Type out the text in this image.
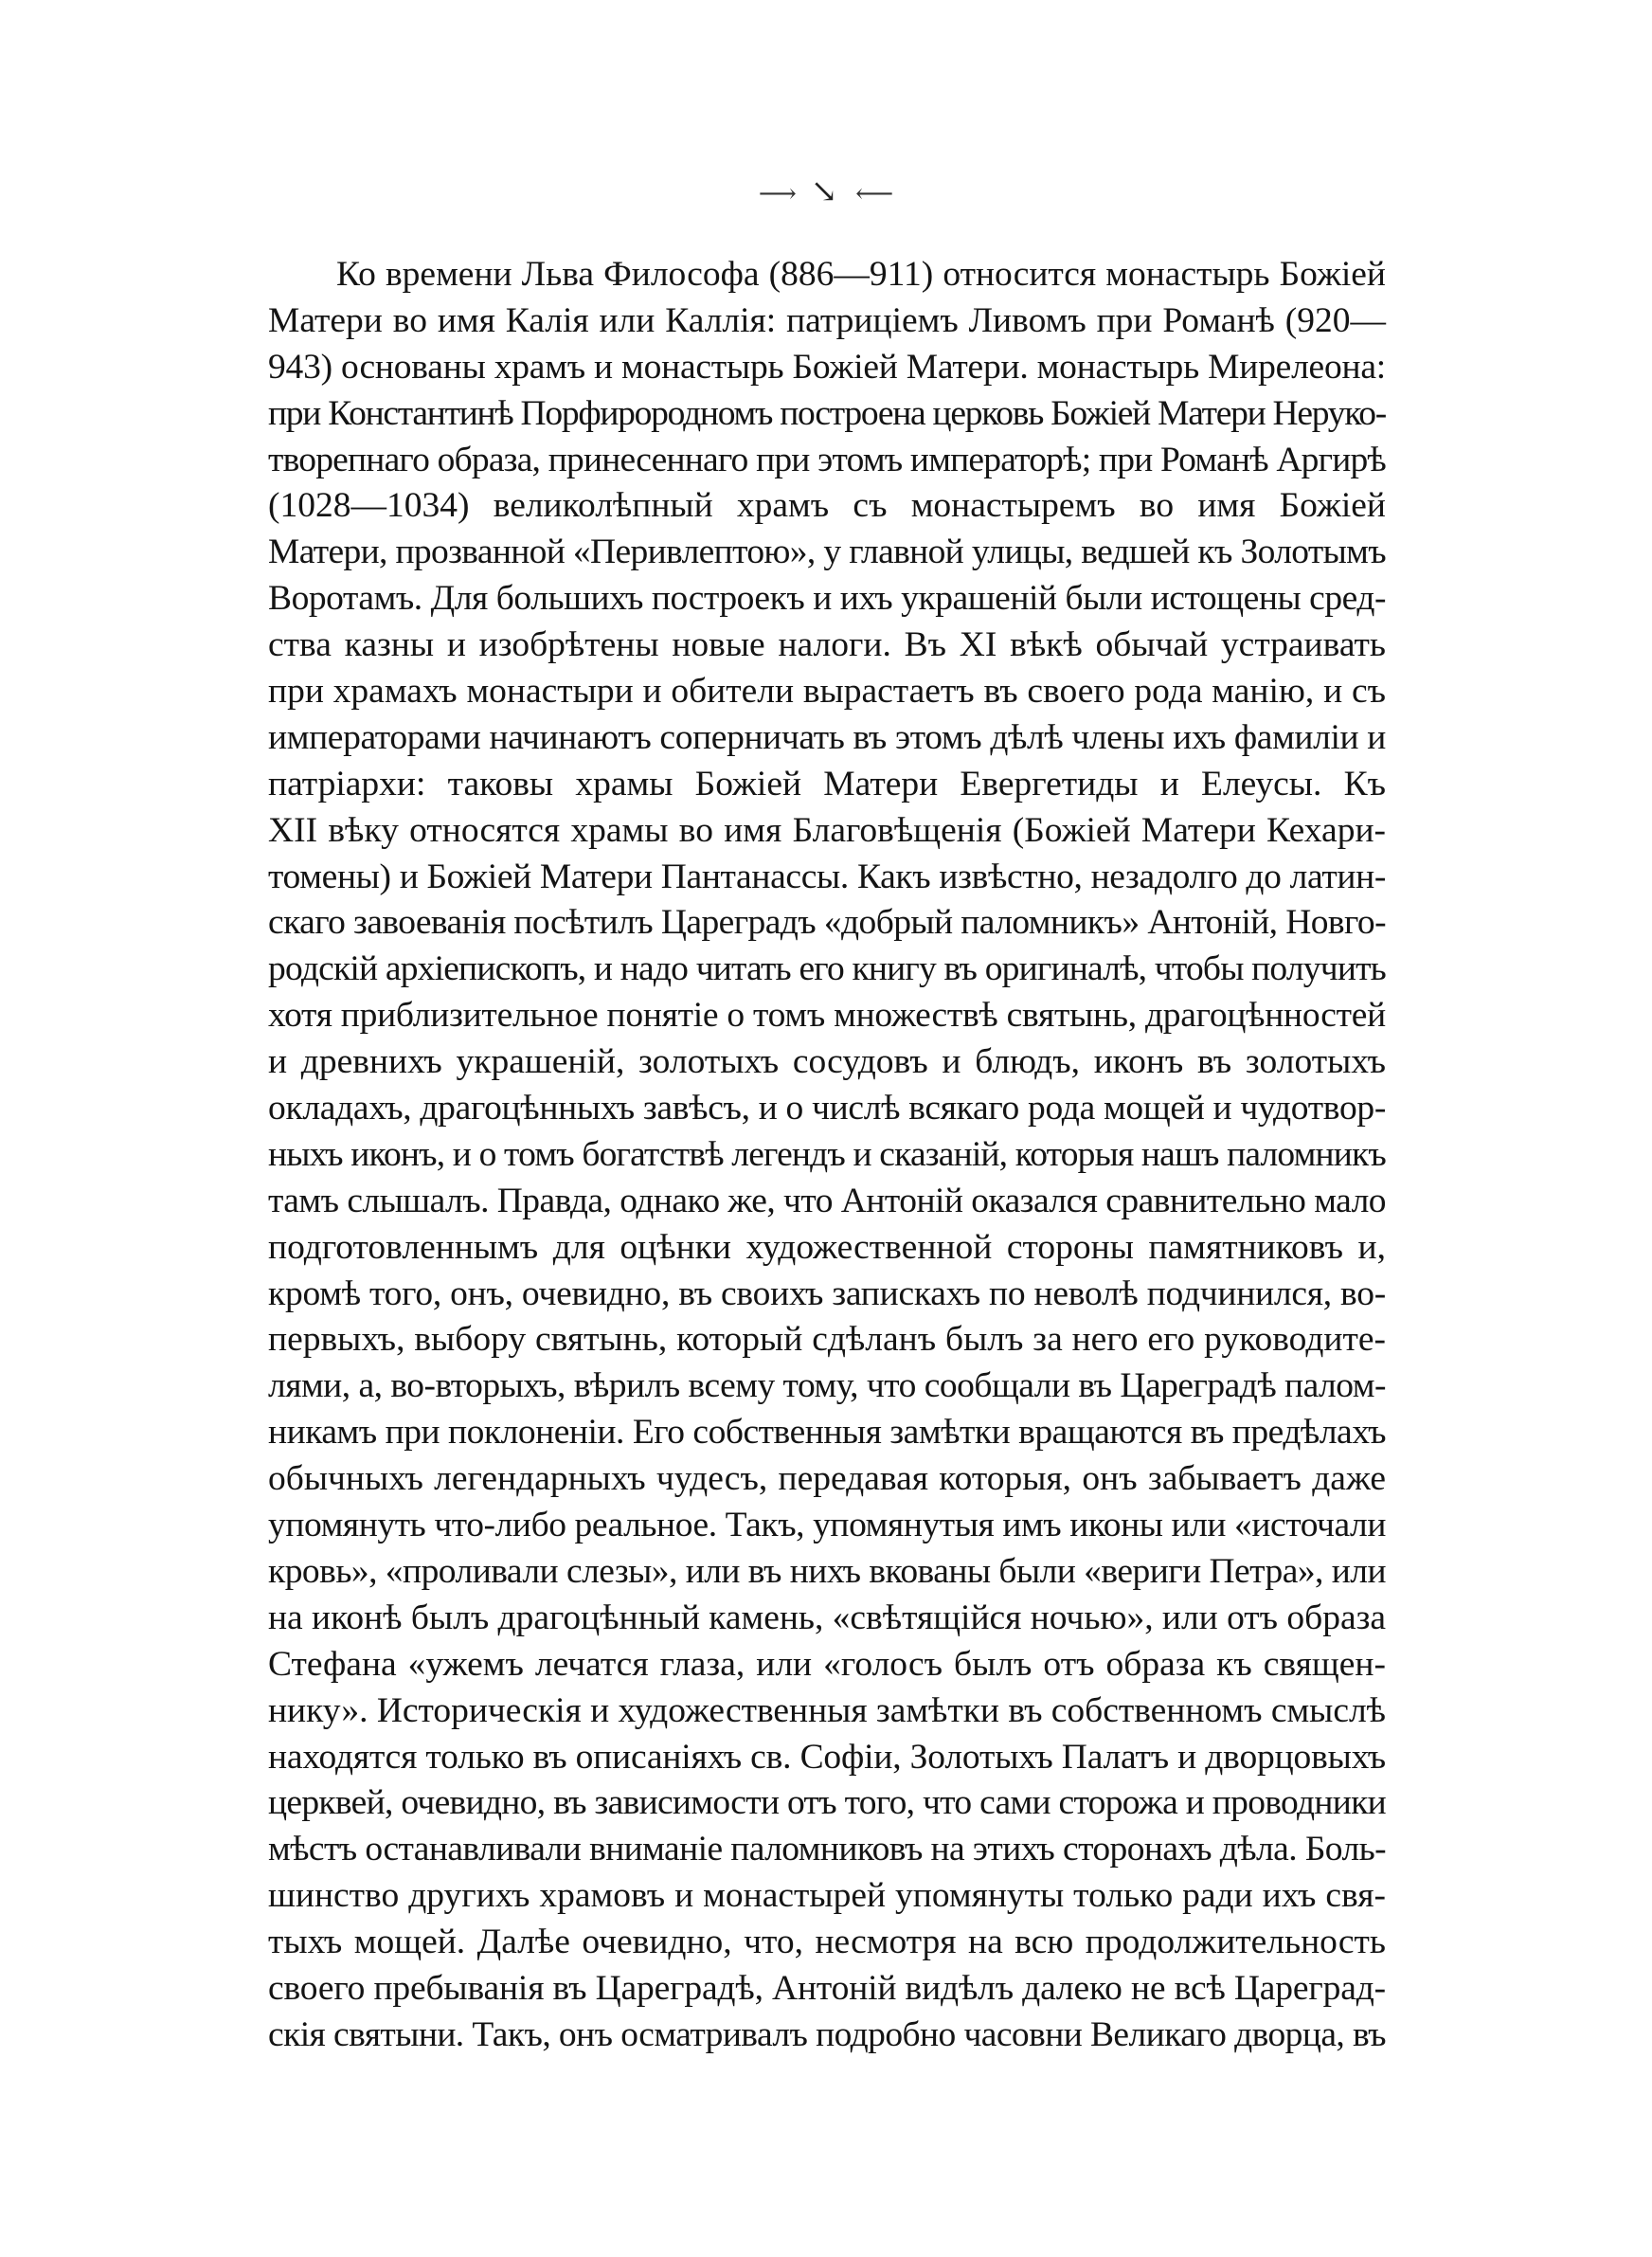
⟶ ↘ ⟵
Ко времени Льва Философа (886—911) относится монастырь Божіей
Матери во имя Калія или Каллія: патриціемъ Ливомъ при Романѣ (920—
943) основаны храмъ и монастырь Божіей Матери. монастырь Мирелеона:
при Константинѣ Порфирородномъ построена церковь Божіей Матери Неруко-
творепнаго образа, принесеннаго при этомъ императорѣ; при Романѣ Аргирѣ
(1028—1034) великолѣпный храмъ съ монастыремъ во имя Божіей
Матери, прозванной «Перивлептою», у главной улицы, ведшей къ Золотымъ
Воротамъ. Для большихъ построекъ и ихъ украшеній были истощены сред-
ства казны и изобрѣтены новые налоги. Въ XI вѣкѣ обычай устраивать
при храмахъ монастыри и обители вырастаетъ въ своего рода манію, и съ
императорами начинаютъ соперничать въ этомъ дѣлѣ члены ихъ фамиліи и
патріархи: таковы храмы Божіей Матери Евергетиды и Елеусы. Къ
XII вѣку относятся храмы во имя Благовѣщенія (Божіей Матери Кехари-
томены) и Божіей Матери Пантанассы. Какъ извѣстно, незадолго до латин-
скаго завоеванія посѣтилъ Цареградъ «добрый паломникъ» Антоній, Новго-
родскій архіепископъ, и надо читать его книгу въ оригиналѣ, чтобы получить
хотя приблизительное понятіе о томъ множествѣ святынь, драгоцѣнностей
и древнихъ украшеній, золотыхъ сосудовъ и блюдъ, иконъ въ золотыхъ
окладахъ, драгоцѣнныхъ завѣсъ, и о числѣ всякаго рода мощей и чудотвор-
ныхъ иконъ, и о томъ богатствѣ легендъ и сказаній, которыя нашъ паломникъ
тамъ слышалъ. Правда, однако же, что Антоній оказался сравнительно мало
подготовленнымъ для оцѣнки художественной стороны памятниковъ и,
кромѣ того, онъ, очевидно, въ своихъ запискахъ по неволѣ подчинился, во-
первыхъ, выбору святынь, который сдѣланъ былъ за него его руководите-
лями, а, во-вторыхъ, вѣрилъ всему тому, что сообщали въ Цареградѣ палом-
никамъ при поклоненіи. Его собственныя замѣтки вращаются въ предѣлахъ
обычныхъ легендарныхъ чудесъ, передавая которыя, онъ забываетъ даже
упомянуть что-либо реальное. Такъ, упомянутыя имъ иконы или «источали
кровь», «проливали слезы», или въ нихъ вкованы были «вериги Петра», или
на иконѣ былъ драгоцѣнный камень, «свѣтящійся ночью», или отъ образа
Стефана «ужемъ лечатся глаза, или «голосъ былъ отъ образа къ священ-
нику». Историческія и художественныя замѣтки въ собственномъ смыслѣ
находятся только въ описаніяхъ св. Софіи, Золотыхъ Палатъ и дворцовыхъ
церквей, очевидно, въ зависимости отъ того, что сами сторожа и проводники
мѣстъ останавливали вниманіе паломниковъ на этихъ сторонахъ дѣла. Боль-
шинство другихъ храмовъ и монастырей упомянуты только ради ихъ свя-
тыхъ мощей. Далѣе очевидно, что, несмотря на всю продолжительность
своего пребыванія въ Цареградѣ, Антоній видѣлъ далеко не всѣ Цареград-
скія святыни. Такъ, онъ осматривалъ подробно часовни Великаго дворца, въ
